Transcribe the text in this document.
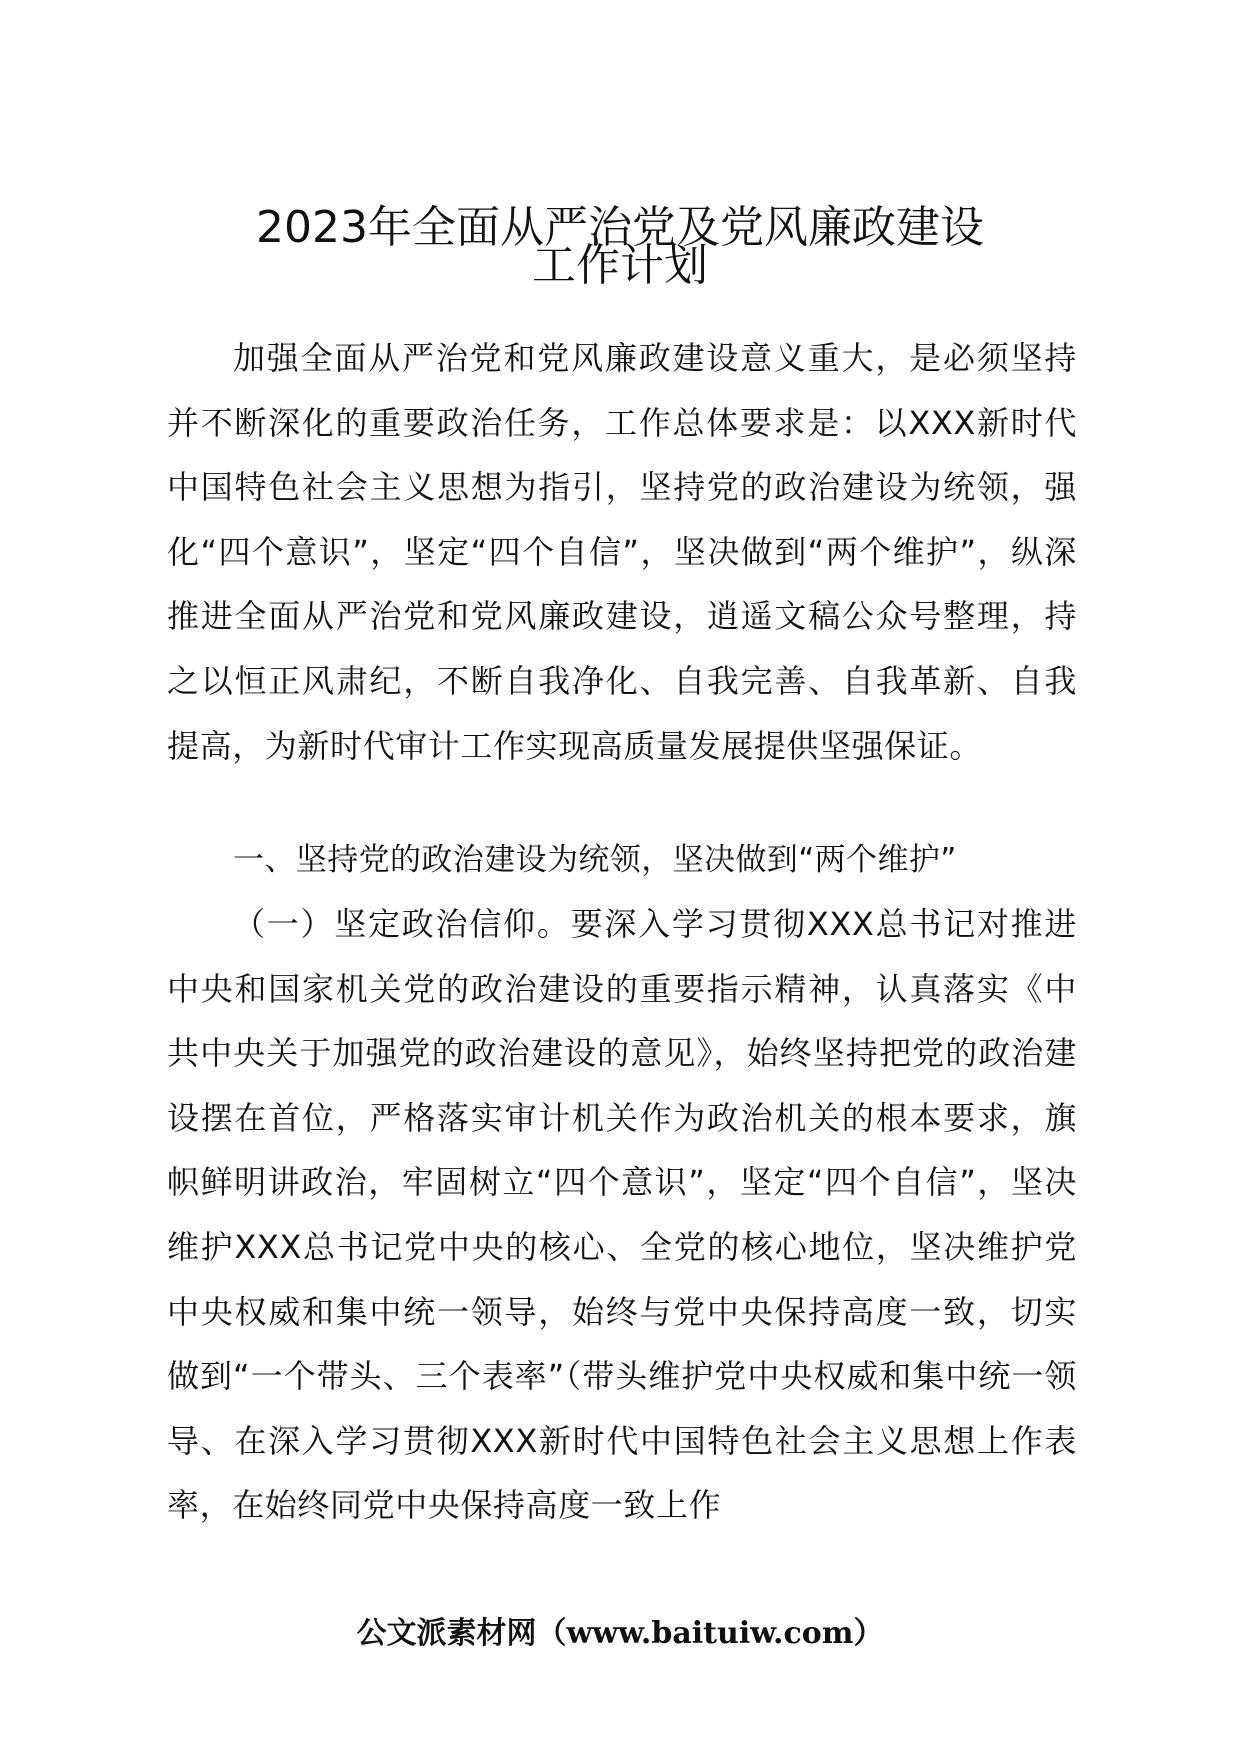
2023年全面从严治党及党风廉政建设
工作计划
加强全面从严治党和党风廉政建设意义重大，是必须坚持并不断深化的重要政治任务，工作总体要求是：以XXX新时代中国特色社会主义思想为指引，坚持党的政治建设为统领，强化“四个意识”，坚定“四个自信”，坚决做到“两个维护”，纵深推进全面从严治党和党风廉政建设，逍遥文稿公众号整理，持之以恒正风肃纪，不断自我净化、自我完善、自我革新、自我提高，为新时代审计工作实现高质量发展提供坚强保证。
一、坚持党的政治建设为统领，坚决做到“两个维护”
（一）坚定政治信仰。要深入学习贯彻XXX总书记对推进中央和国家机关党的政治建设的重要指示精神，认真落实《中共中央关于加强党的政治建设的意见》，始终坚持把党的政治建设摆在首位，严格落实审计机关作为政治机关的根本要求，旗帜鲜明讲政治，牢固树立“四个意识”，坚定“四个自信”，坚决维护XXX总书记党中央的核心、全党的核心地位，坚决维护党中央权威和集中统一领导，始终与党中央保持高度一致，切实做到“一个带头、三个表率”（带头维护党中央权威和集中统一领导、在深入学习贯彻XXX新时代中国特色社会主义思想上作表率，在始终同党中央保持高度一致上作
公文派素材网（www.baituiw.com）
